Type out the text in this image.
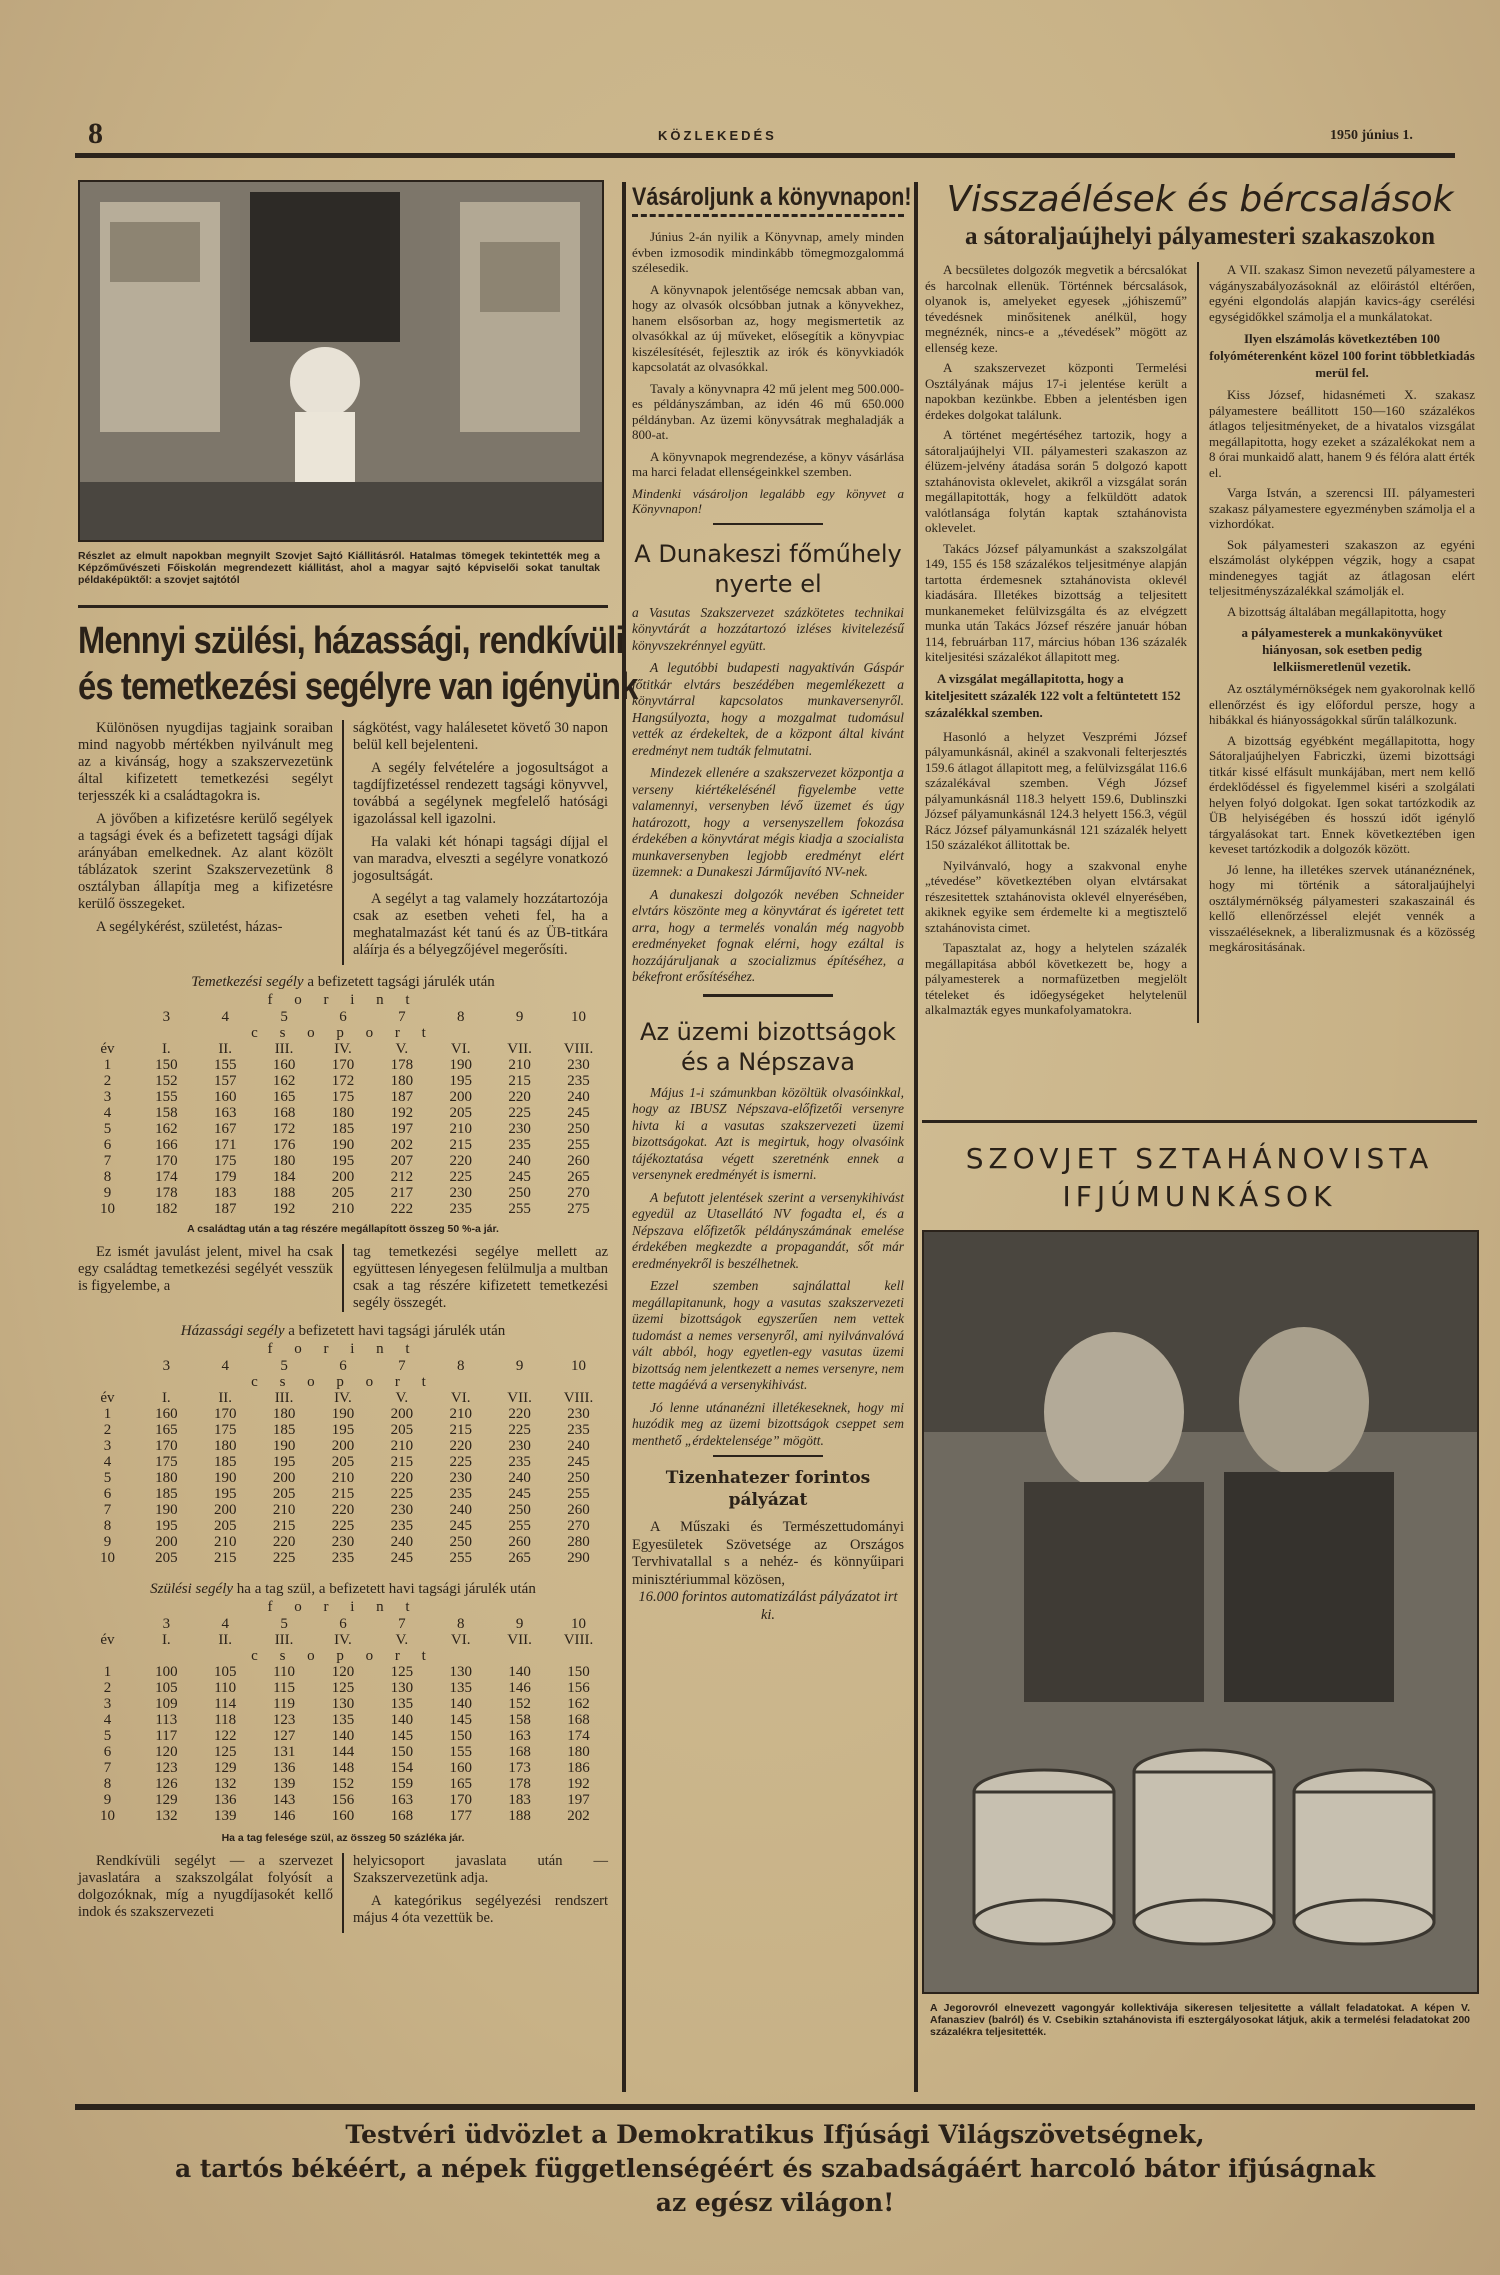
8	KÖZLEKEDÉS	1950 június 1.
Részlet az elmult napokban megnyilt Szovjet Sajtó Kiállitásról. Hatalmas tömegek tekintették meg a Képzőművészeti Főiskolán megrendezett kiállitást, ahol a magyar sajtó képviselői sokat tanultak példaképüktől: a szovjet sajtótól
Mennyi szülési, házassági, rendkívüli
és temetkezési segélyre van igényünk

Különösen nyugdijas tagjaink soraiban mind nagyobb mértékben nyilvánult meg az a kivánság, hogy a szakszervezetünk által kifizetett temetkezési segélyt terjesszék ki a családtagokra is.

A jövőben a kifizetésre kerülő segélyek a tagsági évek és a befizetett tagsági díjak arányában emelkednek. Az alant közölt táblázatok szerint Szakszervezetünk 8 osztályban állapítja meg a kifizetésre kerülő összegeket.

A segélykérést, születést, házas-

ságkötést, vagy halálesetet követő 30 napon belül kell bejelenteni.

A segély felvételére a jogosultságot a tagdíjfizetéssel rendezett tagsági könyvvel, továbbá a segélynek megfelelő hatósági igazolással kell igazolni.

Ha valaki két hónapi tagsági díjjal el van maradva, elveszti a segélyre vonatkozó jogosultságát.

A segélyt a tag valamely hozzátartozója csak az esetben veheti fel, ha a meghatalmazást két tanú és az ÜB-titkára aláírja és a bélyegzőjével megerősíti.

Temetkezési segély a befizetett tagsági járulék után
f o r i n t
	3	4	5	6	7	8	9	10
c s o p o r t								
év	I.	II.	III.	IV.	V.	VI.	VII.	VIII.
1	150	155	160	170	178	190	210	230
2	152	157	162	172	180	195	215	235
3	155	160	165	175	187	200	220	240
4	158	163	168	180	192	205	225	245
5	162	167	172	185	197	210	230	250
6	166	171	176	190	202	215	235	255
7	170	175	180	195	207	220	240	260
8	174	179	184	200	212	225	245	265
9	178	183	188	205	217	230	250	270
10	182	187	192	210	222	235	255	275
A családtag után a tag részére megállapított összeg 50 %-a jár.
Ez ismét javulást jelent, mivel ha csak egy családtag temetkezési segélyét vesszük is figyelembe, a
tag temetkezési segélye mellett az együttesen lényegesen felülmulja a multban csak a tag részére kifizetett temetkezési segély összegét.
Házassági segély a befizetett havi tagsági járulék után
f o r i n t
	3	4	5	6	7	8	9	10
c s o p o r t								
év	I.	II.	III.	IV.	V.	VI.	VII.	VIII.
1	160	170	180	190	200	210	220	230
2	165	175	185	195	205	215	225	235
3	170	180	190	200	210	220	230	240
4	175	185	195	205	215	225	235	245
5	180	190	200	210	220	230	240	250
6	185	195	205	215	225	235	245	255
7	190	200	210	220	230	240	250	260
8	195	205	215	225	235	245	255	270
9	200	210	220	230	240	250	260	280
10	205	215	225	235	245	255	265	290
Szülési segély ha a tag szül, a befizetett havi tagsági járulék után
f o r i n t
	3	4	5	6	7	8	9	10
év	I.	II.	III.	IV.	V.	VI.	VII.	VIII.
c s o p o r t								
1	100	105	110	120	125	130	140	150
2	105	110	115	125	130	135	146	156
3	109	114	119	130	135	140	152	162
4	113	118	123	135	140	145	158	168
5	117	122	127	140	145	150	163	174
6	120	125	131	144	150	155	168	180
7	123	129	136	148	154	160	173	186
8	126	132	139	152	159	165	178	192
9	129	136	143	156	163	170	183	197
10	132	139	146	160	168	177	188	202
Ha a tag felesége szül, az összeg 50 százléka jár.
Rendkívüli segélyt — a szervezet javaslatára a szakszolgálat folyósít a dolgozóknak, míg a nyugdíjasokét kellő indok és szakszervezeti

helyicsoport javaslata után — Szakszervezetünk adja.

A kategórikus segélyezési rendszert május 4 óta vezettük be.

Vásároljunk a könyvnapon!

Június 2-án nyilik a Könyvnap, amely minden évben izmosodik mindinkább tömegmozgalommá szélesedik.

A könyvnapok jelentősége nemcsak abban van, hogy az olvasók olcsóbban jutnak a könyvekhez, hanem elsősorban az, hogy megismertetik az olvasókkal az új műveket, elősegítik a könyvpiac kiszélesítését, fejlesztik az irók és könyvkiadók kapcsolatát az olvasókkal.

Tavaly a könyvnapra 42 mű jelent meg 500.000-es példányszámban, az idén 46 mű 650.000 példányban. Az üzemi könyvsátrak meghaladják a 800-at.

A könyvnapok megrendezése, a könyv vásárlása ma harci feladat ellenségeinkkel szemben.

Mindenki vásároljon legalább egy könyvet a Könyvnapon!

A Dunakeszi főműhely
nyerte el

a Vasutas Szakszervezet százkötetes technikai könyvtárát a hozzátartozó izléses kivitelezésű könyvszekrénnyel együtt.

A legutóbbi budapesti nagyaktiván Gáspár főtitkár elvtárs beszédében megemlékezett a könyvtárral kapcsolatos munkaversenyről. Hangsúlyozta, hogy a mozgalmat tudomásul vették az érdekeltek, de a központ által kivánt eredményt nem tudták felmutatni.

Mindezek ellenére a szakszervezet központja a verseny kiértékelésénél figyelembe vette valamennyi, versenyben lévő üzemet és úgy határozott, hogy a versenyszellem fokozása érdekében a könyvtárat mégis kiadja a szocialista munkaversenyben legjobb eredményt elért üzemnek: a Dunakeszi Járműjavító NV-nek.

A dunakeszi dolgozók nevében Schneider elvtárs köszönte meg a könyvtárat és igéretet tett arra, hogy a termelés vonalán még nagyobb eredményeket fognak elérni, hogy ezáltal is hozzájáruljanak a szocializmus építéséhez, a békefront erősítéséhez.

Az üzemi bizottságok
és a Népszava

Május 1-i számunkban közöltük olvasóinkkal, hogy az IBUSZ Népszava-előfizetői versenyre hivta ki a vasutas szakszervezeti üzemi bizottságokat. Azt is megirtuk, hogy olvasóink tájékoztatása végett szeretnénk ennek a versenynek eredményét is ismerni.

A befutott jelentések szerint a versenykihivást egyedül az Utasellátó NV fogadta el, és a Népszava előfizetők példányszámának emelése érdekében megkezdte a propagandát, sőt már eredményekről is beszélhetnek.

Ezzel szemben sajnálattal kell megállapitanunk, hogy a vasutas szakszervezeti üzemi bizottságok egyszerűen nem vettek tudomást a nemes versenyről, ami nyilvánvalóvá vált abból, hogy egyetlen-egy vasutas üzemi bizottság nem jelentkezett a nemes versenyre, nem tette magáévá a versenykihivást.

Jó lenne utánanézni illetékeseknek, hogy mi huzódik meg az üzemi bizottságok cseppet sem menthető „érdektelensége” mögött.

Tizenhatezer forintos
pályázat

A Műszaki és Természettudományi Egyesületek Szövetsége az Országos Tervhivatallal s a nehéz- és könnyűipari minisztériummal közösen,

16.000 forintos automatizálást pályázatot irt ki.

Visszaélések és bércsalások
a sátoraljaújhelyi pályamesteri szakaszokon

A becsületes dolgozók megvetik a bércsalókat és harcolnak ellenük. Történnek bércsalások, olyanok is, amelyeket egyesek „jóhiszemű” tévedésnek minősitenek anélkül, hogy megnéznék, nincs-e a „tévedések” mögött az ellenség keze.

A szakszervezet központi Termelési Osztályának május 17-i jelentése került a napokban kezünkbe. Ebben a jelentésben igen érdekes dolgokat találunk.

A történet megértéséhez tartozik, hogy a sátoraljaújhelyi VII. pályamesteri szakaszon az élüzem-jelvény átadása során 5 dolgozó kapott sztahánovista oklevelet, akikről a vizsgálat során megállapitották, hogy a felküldött adatok valótlansága folytán kaptak sztahánovista oklevelet.

Takács József pályamunkást a szakszolgálat 149, 155 és 158 százalékos teljesitménye alapján tartotta érdemesnek sztahánovista oklevél kiadására. Illetékes bizottság a teljesitett munkanemeket felülvizsgálta és az elvégzett munka után Takács József részére január hóban 114, februárban 117, március hóban 136 százalék kiteljesitési százalékot állapitott meg.

A vizsgálat megállapitotta, hogy a kiteljesitett százalék 122 volt a feltüntetett 152 százalékkal szemben.

Hasonló a helyzet Veszprémi József pályamunkásnál, akinél a szakvonali felterjesztés 159.6 átlagot állapitott meg, a felülvizsgálat 116.6 százalékával szemben. Végh József pályamunkásnál 118.3 helyett 159.6, Dublinszki József pályamunkásnál 124.3 helyett 156.3, végül Rácz József pályamunkásnál 121 százalék helyett 150 százalékot állitottak be.

Nyilvánvaló, hogy a szakvonal enyhe „tévedése” következtében olyan elvtársakat részesitettek sztahánovista oklevél elnyerésében, akiknek egyike sem érdemelte ki a megtisztelő sztahánovista cimet.

Tapasztalat az, hogy a helytelen százalék megállapitása abból következett be, hogy a pályamesterek a normafüzetben megjelölt tételeket és időegységeket helytelenül alkalmazták egyes munkafolyamatokra.

A VII. szakasz Simon nevezetű pályamestere a vágányszabályozásoknál az előirástól eltérően, egyéni elgondolás alapján kavics-ágy cserélési egységidőkkel számolja el a munkálatokat.

Ilyen elszámolás következtében 100 folyóméterenként közel 100 forint többletkiadás merül fel.

Kiss József, hidasnémeti X. szakasz pályamestere beállitott 150—160 százalékos átlagos teljesitményeket, de a hivatalos vizsgálat megállapitotta, hogy ezeket a százalékokat nem a 8 órai munkaidő alatt, hanem 9 és félóra alatt érték el.

Varga István, a szerencsi III. pályamesteri szakasz pályamestere egyezményben számolja el a vizhordókat.

Sok pályamesteri szakaszon az egyéni elszámolást olyképpen végzik, hogy a csapat mindenegyes tagját az átlagosan elért teljesitményszázalékkal számolják el.

A bizottság általában megállapitotta, hogy

a pályamesterek a munkakönyvüket hiányosan, sok esetben pedig lelkiismeretlenül vezetik.

Az osztálymérnökségek nem gyakorolnak kellő ellenőrzést és igy előfordul persze, hogy a hibákkal és hiányosságokkal sűrűn találkozunk.

A bizottság egyébként megállapitotta, hogy Sátoraljaújhelyen Fabriczki, üzemi bizottsági titkár kissé elfásult munkájában, mert nem kellő érdeklődéssel és figyelemmel kiséri a szolgálati helyen folyó dolgokat. Igen sokat tartózkodik az ÜB helyiségében és hosszú időt igénylő tárgyalásokat tart. Ennek következtében igen keveset tartózkodik a dolgozók között.

Jó lenne, ha illetékes szervek utánanéznének, hogy mi történik a sátoraljaújhelyi osztálymérnökség pályamesteri szakaszainál és kellő ellenőrzéssel elejét vennék a visszaéléseknek, a liberalizmusnak és a közösség megkárositásának.

SZOVJET SZTAHÁNOVISTA
IFJÚMUNKÁSOK
A Jegorovról elnevezett vagongyár kollektivája sikeresen teljesitette a vállalt feladatokat. A képen V. Afanasziev (balról) és V. Csebikin sztahánovista ifi esztergályosokat látjuk, akik a termelési feladatokat 200 százalékra teljesitették.
Testvéri üdvözlet a Demokratikus Ifjúsági Világszövetségnek,
a tartós békéért, a népek függetlenségéért és szabadságáért harcoló bátor ifjúságnak
az egész világon!
